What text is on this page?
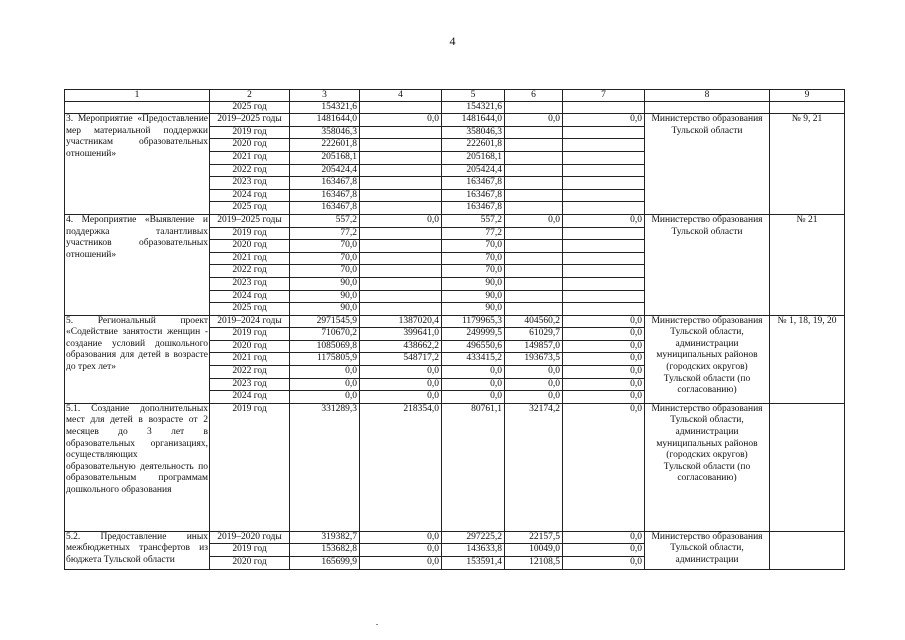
4
1	2	3	4	5	6	7	8	9
	2025 год	154321,6		154321,6				
3. Мероприятие «Предоставление мер материальной поддержки участникам образовательных отношений»	2019–2025 годы	1481644,0	0,0	1481644,0	0,0	0,0	Министерство образования Тульской области	№ 9, 21
	2019 год	358046,3		358046,3				
	2020 год	222601,8		222601,8				
	2021 год	205168,1		205168,1				
	2022 год	205424,4		205424,4				
	2023 год	163467,8		163467,8				
	2024 год	163467,8		163467,8				
	2025 год	163467,8		163467,8				
4. Мероприятие «Выявление и поддержка талантливых участников образовательных отношений»	2019–2025 годы	557,2	0,0	557,2	0,0	0,0	Министерство образования Тульской области	№ 21
	2019 год	77,2		77,2				
	2020 год	70,0		70,0				
	2021 год	70,0		70,0				
	2022 год	70,0		70,0				
	2023 год	90,0		90,0				
	2024 год	90,0		90,0				
	2025 год	90,0		90,0				
5. Региональный проект «Содействие занятости женщин - создание условий дошкольного образования для детей в возрасте до трех лет»	2019–2024 годы	2971545,9	1387020,4	1179965,3	404560,2	0,0	Министерство образования Тульской области, администрации муниципальных районов (городских округов) Тульской области (по согласованию)	№ 1, 18, 19, 20
	2019 год	710670,2	399641,0	249999,5	61029,7	0,0		
	2020 год	1085069,8	438662,2	496550,6	149857,0	0,0		
	2021 год	1175805,9	548717,2	433415,2	193673,5	0,0		
	2022 год	0,0	0,0	0,0	0,0	0,0		
	2023 год	0,0	0,0	0,0	0,0	0,0		
	2024 год	0,0	0,0	0,0	0,0	0,0		
5.1. Создание дополнительных мест для детей в возрасте от 2 месяцев до 3 лет в образовательных организациях, осуществляющих образовательную деятельность по образовательным программам дошкольного образования	2019 год	331289,3	218354,0	80761,1	32174,2	0,0	Министерство образования Тульской области, администрации муниципальных районов (городских округов) Тульской области (по согласованию)	
5.2. Предоставление иных межбюджетных трансфертов из бюджета Тульской области	2019–2020 годы	319382,7	0,0	297225,2	22157,5	0,0	Министерство образования Тульской области, администрации	
	2019 год	153682,8	0,0	143633,8	10049,0	0,0		
	2020 год	165699,9	0,0	153591,4	12108,5	0,0		
